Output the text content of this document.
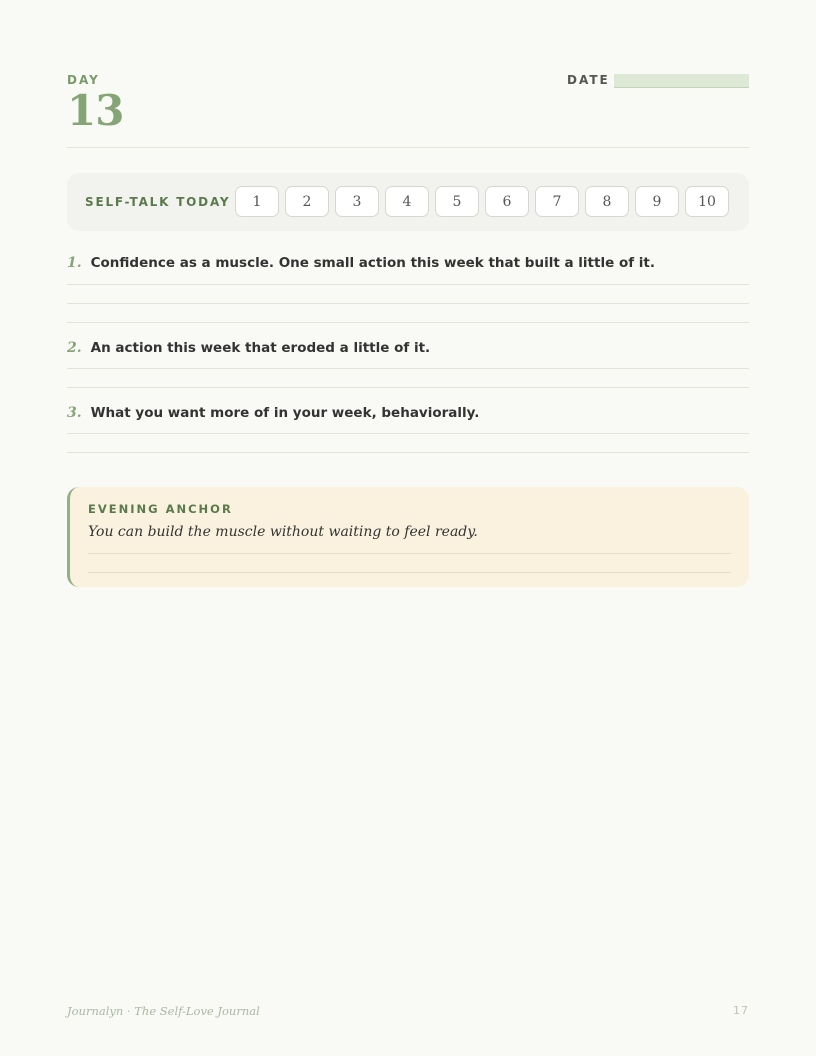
DAY
13
DATE
SELF-TALK TODAY	1	2	3	4	5	6	7	8	9	10
1. Confidence as a muscle. One small action this week that built a little of it.
2. An action this week that eroded a little of it.
3. What you want more of in your week, behaviorally.
EVENING ANCHOR
You can build the muscle without waiting to feel ready.
Journalyn · The Self-Love Journal	17
